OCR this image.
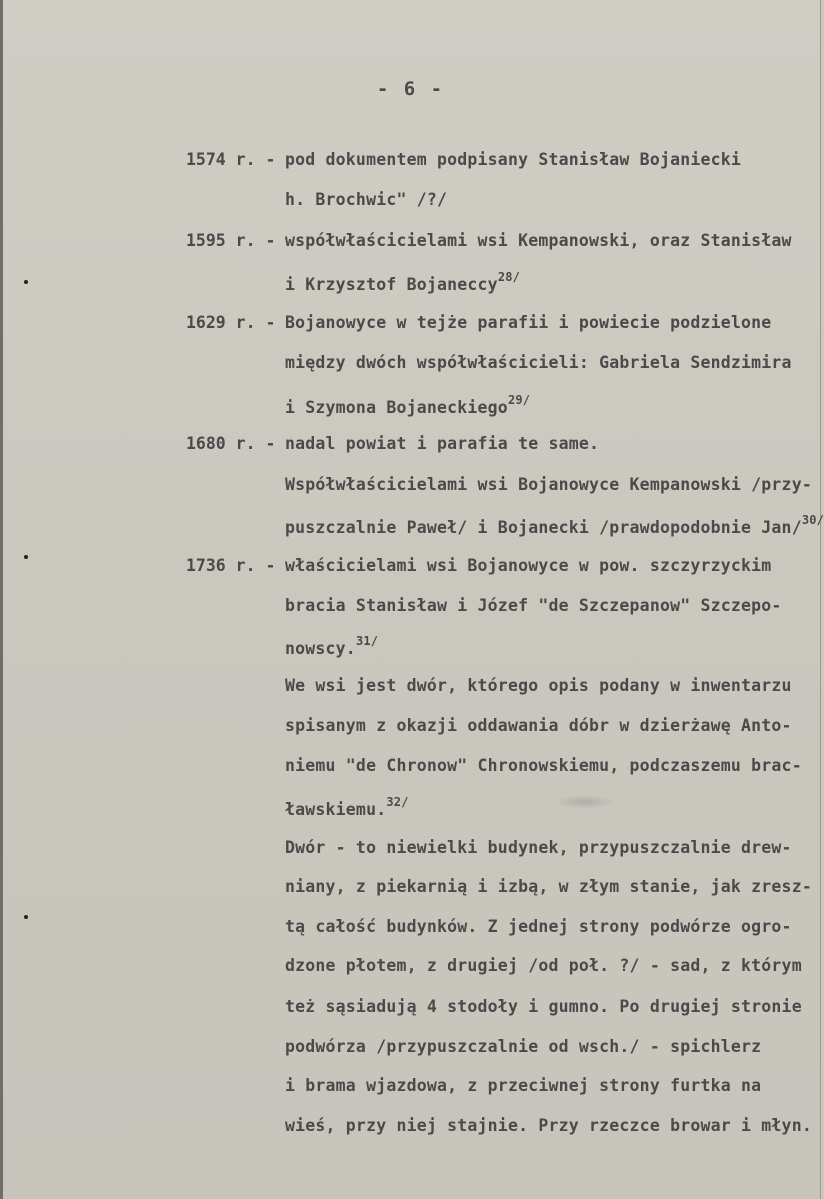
- 6 -
1574 r. - pod dokumentem podpisany Stanisław Bojaniecki
h. Brochwic" /?/
1595 r. - współwłaścicielami wsi Kempanowski, oraz Stanisław
i Krzysztof Bojaneccy$^{28/}$
1629 r. - Bojanowyce w tejże parafii i powiecie podzielone
między dwóch współwłaścicieli: Gabriela Sendzimira
i Szymona Bojaneckiego$^{29/}$
1680 r. - nadal powiat i parafia te same.
Współwłaścicielami wsi Bojanowyce Kempanowski /przy-
puszczalnie Paweł/ i Bojanecki /prawdopodobnie Jan/$^{30/}$
1736 r. - właścicielami wsi Bojanowyce w pow. szczyrzyckim
bracia Stanisław i Józef "de Szczepanow" Szczepo-
nowscy.$^{31/}$
We wsi jest dwór, którego opis podany w inwentarzu
spisanym z okazji oddawania dóbr w dzierżawę Anto-
niemu "de Chronow" Chronowskiemu, podczaszemu brac-
ławskiemu.$^{32/}$
Dwór - to niewielki budynek, przypuszczalnie drew-
niany, z piekarnią i izbą, w złym stanie, jak zresz-
tą całość budynków. Z jednej strony podwórze ogro-
dzone płotem, z drugiej /od poł. ?/ - sad, z którym
też sąsiadują 4 stodoły i gumno. Po drugiej stronie
podwórza /przypuszczalnie od wsch./ - spichlerz
i brama wjazdowa, z przeciwnej strony furtka na
wieś, przy niej stajnie. Przy rzeczce browar i młyn.
